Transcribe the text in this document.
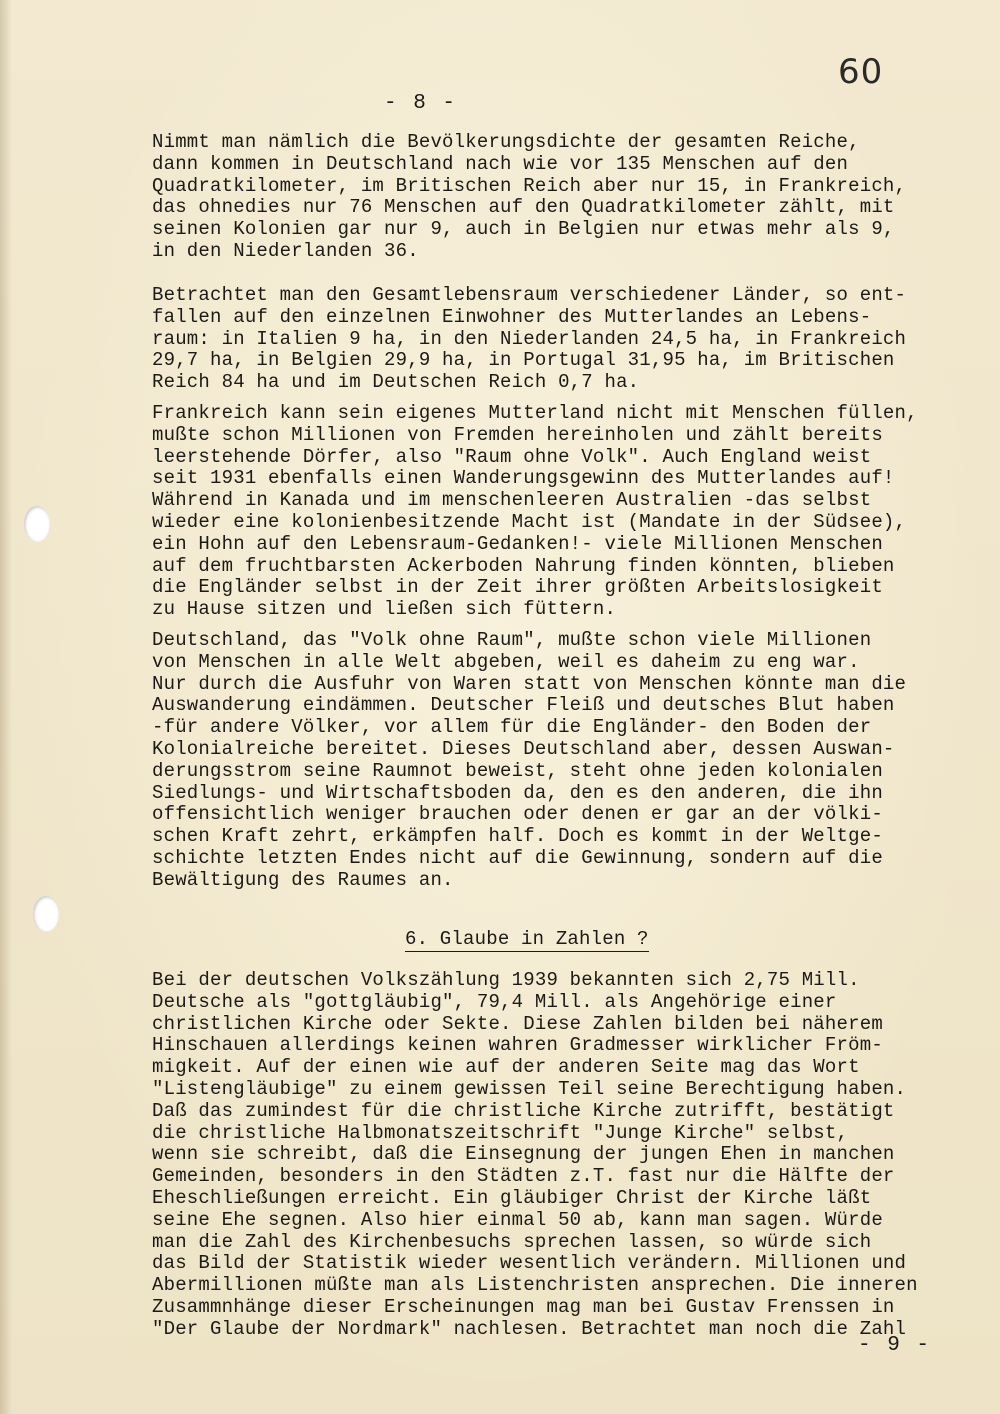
60
- 8 -
Nimmt man nämlich die Bevölkerungsdichte der gesamten Reiche,
dann kommen in Deutschland nach wie vor 135 Menschen auf den
Quadratkilometer, im Britischen Reich aber nur 15, in Frankreich,
das ohnedies nur 76 Menschen auf den Quadratkilometer zählt, mit
seinen Kolonien gar nur 9, auch in Belgien nur etwas mehr als 9,
in den Niederlanden 36.
Betrachtet man den Gesamtlebensraum verschiedener Länder, so ent-
fallen auf den einzelnen Einwohner des Mutterlandes an Lebens-
raum: in Italien 9 ha, in den Niederlanden 24,5 ha, in Frankreich
29,7 ha, in Belgien 29,9 ha, in Portugal 31,95 ha, im Britischen
Reich 84 ha und im Deutschen Reich 0,7 ha.
Frankreich kann sein eigenes Mutterland nicht mit Menschen füllen,
mußte schon Millionen von Fremden hereinholen und zählt bereits
leerstehende Dörfer, also "Raum ohne Volk". Auch England weist
seit 1931 ebenfalls einen Wanderungsgewinn des Mutterlandes auf!
Während in Kanada und im menschenleeren Australien -das selbst
wieder eine kolonienbesitzende Macht ist (Mandate in der Südsee),
ein Hohn auf den Lebensraum-Gedanken!- viele Millionen Menschen
auf dem fruchtbarsten Ackerboden Nahrung finden könnten, blieben
die Engländer selbst in der Zeit ihrer größten Arbeitslosigkeit
zu Hause sitzen und ließen sich füttern.
Deutschland, das "Volk ohne Raum", mußte schon viele Millionen
von Menschen in alle Welt abgeben, weil es daheim zu eng war.
Nur durch die Ausfuhr von Waren statt von Menschen könnte man die
Auswanderung eindämmen. Deutscher Fleiß und deutsches Blut haben
-für andere Völker, vor allem für die Engländer- den Boden der
Kolonialreiche bereitet. Dieses Deutschland aber, dessen Auswan-
derungsstrom seine Raumnot beweist, steht ohne jeden kolonialen
Siedlungs- und Wirtschaftsboden da, den es den anderen, die ihn
offensichtlich weniger brauchen oder denen er gar an der völki-
schen Kraft zehrt, erkämpfen half. Doch es kommt in der Weltge-
schichte letzten Endes nicht auf die Gewinnung, sondern auf die
Bewältigung des Raumes an.
6. Glaube in Zahlen ?
Bei der deutschen Volkszählung 1939 bekannten sich 2,75 Mill.
Deutsche als "gottgläubig", 79,4 Mill. als Angehörige einer
christlichen Kirche oder Sekte. Diese Zahlen bilden bei näherem
Hinschauen allerdings keinen wahren Gradmesser wirklicher Fröm-
migkeit. Auf der einen wie auf der anderen Seite mag das Wort
"Listengläubige" zu einem gewissen Teil seine Berechtigung haben.
Daß das zumindest für die christliche Kirche zutrifft, bestätigt
die christliche Halbmonatszeitschrift "Junge Kirche" selbst,
wenn sie schreibt, daß die Einsegnung der jungen Ehen in manchen
Gemeinden, besonders in den Städten z.T. fast nur die Hälfte der
Eheschließungen erreicht. Ein gläubiger Christ der Kirche läßt
seine Ehe segnen. Also hier einmal 50 ab, kann man sagen. Würde
man die Zahl des Kirchenbesuchs sprechen lassen, so würde sich
das Bild der Statistik wieder wesentlich verändern. Millionen und
Abermillionen müßte man als Listenchristen ansprechen. Die inneren
Zusammnhänge dieser Erscheinungen mag man bei Gustav Frenssen in
"Der Glaube der Nordmark" nachlesen. Betrachtet man noch die Zahl
- 9 -
